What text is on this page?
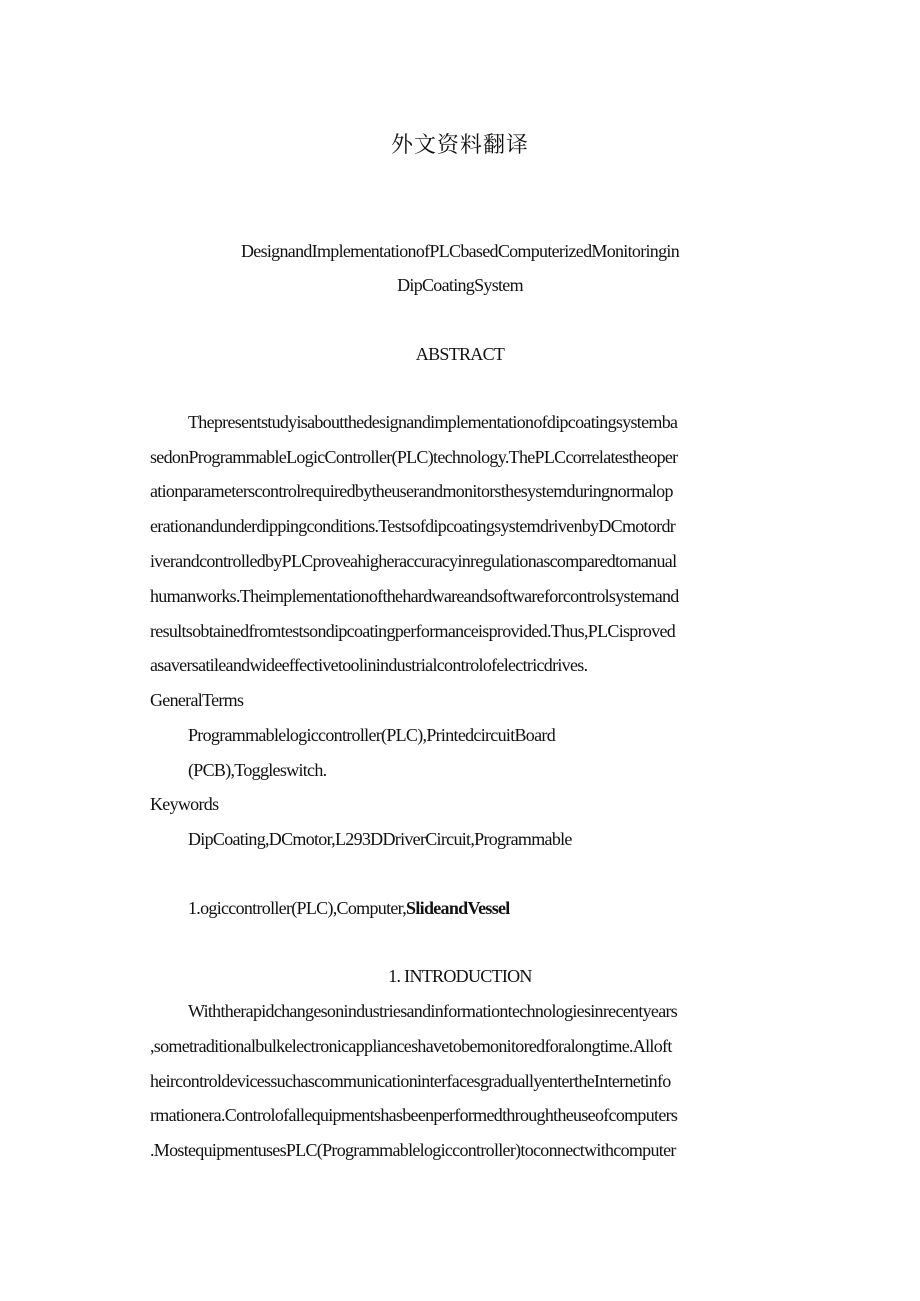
外文资料翻译
DesignandImplementationofPLCbasedComputerizedMonitoringin
DipCoatingSystem
ABSTRACT
Thepresentstudyisaboutthedesignandimplementationofdipcoatingsystemba
sedonProgrammableLogicController(PLC)technology.ThePLCcorrelatestheoper
ationparameterscontrolrequiredbytheuserandmonitorsthesystemduringnormalop
erationandunderdippingconditions.TestsofdipcoatingsystemdrivenbyDCmotordr
iverandcontrolledbyPLCproveahigheraccuracyinregulationascomparedtomanual
humanworks.Theimplementationofthehardwareandsoftwareforcontrolsystemand
resultsobtainedfromtestsondipcoatingperformanceisprovided.Thus,PLCisproved
asaversatileandwideeffectivetoolinindustrialcontrolofelectricdrives.
GeneralTerms
Programmablelogiccontroller(PLC),PrintedcircuitBoard
(PCB),Toggleswitch.
Keywords
DipCoating,DCmotor,L293DDriverCircuit,Programmable
1.ogiccontroller(PLC),Computer,SlideandVessel
1. INTRODUCTION
Withtherapidchangesonindustriesandinformationtechnologiesinrecentyears
,sometraditionalbulkelectronicapplianceshavetobemonitoredforalongtime.Alloft
heircontroldevicessuchascommunicationinterfacesgraduallyentertheInternetinfo
rmationera.Controlofallequipmentshasbeenperformedthroughtheuseofcomputers
.MostequipmentusesPLC(Programmablelogiccontroller)toconnectwithcomputer
